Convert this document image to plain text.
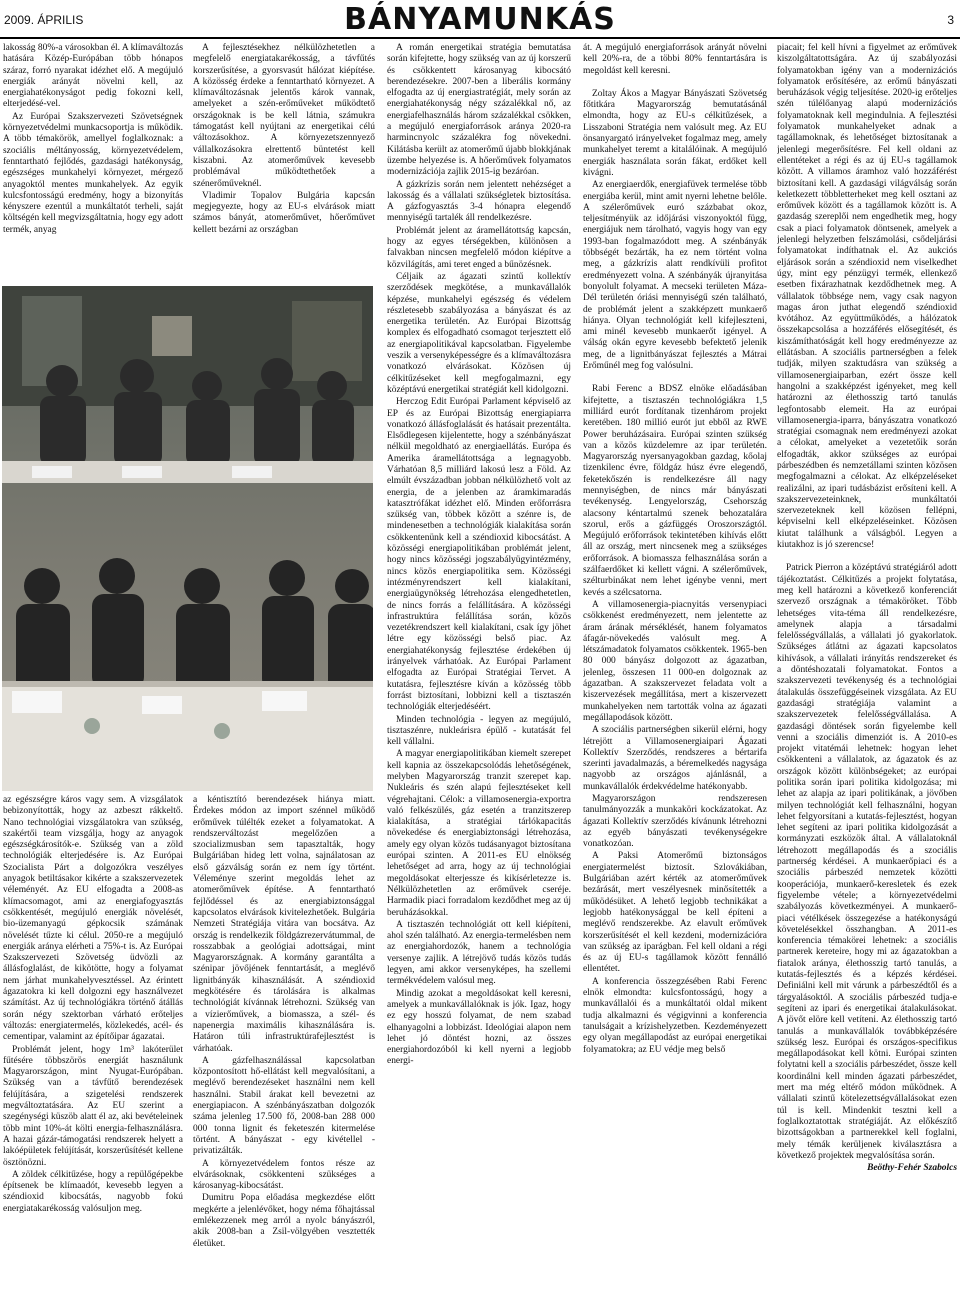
2009. ÁPRILIS	BÁNYAMUNKÁS	3

lakosság 80%-a városokban él. A klímaváltozás hatására Közép-Európában több hónapos száraz, forró nyarakat idézhet elő. A megújuló energiák arányát növelni kell, az energiahatékonyságot pedig fokozni kell, elterjedésé-vel.

Az Európai Szakszervezeti Szövetségnek környezetvédelmi munkacsoportja is működik. A több témakörök, amellyel foglalkoznak: a szociális méltányosság, környezetvédelem, fenntartható fejlődés, gazdasági hatékonyság, egészséges munkahelyi környezet, mérgező anyagoktól mentes munkahelyek. Az egyik kulcsfontosságú eredmény, hogy a bizonyítás kényszere ezentúl a munkáltatót terheli, saját költségén kell megvizsgáltatnia, hogy egy adott termék, anyag

A fejlesztésekhez nélkülözhetetlen a megfelelő energiatakarékosság, a távfűtés korszerűsítése, a gyorsvasút hálózat kiépítése. A közösség érdeke a fenntartható környezet. A klímaváltozásnak jelentős károk vannak, amelyeket a szén-erőműveket működtető országoknak is be kell látnia, számukra támogatást kell nyújtani az energetikai célú változásokhoz. A környezetszennyező vállalkozásokra elrettentő büntetést kell kiszabni. Az atomerőművek kevesebb problémával működtethetőek a szénerőműveknél.

Vladimir Topalov Bulgária kapcsán megjegyezte, hogy az EU-s elvárások miatt számos bányát, atomerőművet, hőerőművet kellett bezárni az országban

az egészségre káros vagy sem. A vizsgálatok bebizonyították, hogy az azbeszt rákkeltő. Nano technológiai vizsgálatokra van szükség, szakértői team vizsgálja, hogy az anyagok egészségkárosítók-e. Szükség van a zöld technológiák elterjedésére is. Az Európai Szocialista Párt a dolgozókra veszélyes anyagok betiltásakor kikérte a szakszervezetek véleményét. Az EU elfogadta a 2008-as klímacsomagot, ami az energiafogyasztás csökkentését, megújuló energiák növelését, bio-üzemanyagú gépkocsik számának növelését tűzte ki célul. 2050-re a megújuló energiák aránya elérheti a 75%-t is. Az Európai Szakszervezeti Szövetség üdvözli az állásfoglalást, de kikötötte, hogy a folyamat nem járhat munkahelyvesztéssel. Az érintett ágazatokra ki kell dolgozni egy használvezet számítást. Az új technológiákra történő átállás során négy szektorban várható erőteljes változás: energiatermelés, közlekedés, acél- és cementipar, valamint az építőipar ágazatai.

Problémát jelent, hogy 1m³ lakóterület fűtésére többszörös energiát használunk Magyarországon, mint Nyugat-Európában. Szükség van a távfűtő berendezések felújítására, a szigetelési rendszerek megváltoztatására. Az EU szerint a szegénységi küszöb alatt él az, aki bevételeinek több mint 10%-át költi energia-felhasználásra. A hazai gázár-támogatási rendszerek helyett a lakóépületek felújítását, korszerűsítését kellene ösztönözni.

A zöldek célkitűzése, hogy a repülőgépekbe építsenek be klímaadót, kevesebb legyen a széndioxid kibocsátás, nagyobb fokú energiatakarékosság valósuljon meg.

a kéntisztító berendezések hiánya miatt. Érdekes módon az import szénnel működő erőművek túlélték ezeket a folyamatokat. A rendszerváltozást megelőzően a szocializmusban sem tapasztalták, hogy Bulgáriában hideg lett volna, sajnálatosan az első gázválság során ez nem így történt. Véleménye szerint megoldás lehet az atomerőművek építése. A fenntartható fejlődéssel és az energiabiztonsággal kapcsolatos elvárások kivitelezhetőek. Bulgária Nemzeti Stratégiája vitára van bocsátva. Az ország is rendelkezik földgázrezervátummal, de rosszabbak a geológiai adottságai, mint Magyarországnak. A kormány garantálta a szénipar jövőjének fenntartását, a meglévő lignitbányák kihasználását. A széndioxid megkötésére és tárolására is alkalmas technológiát kívánnak létrehozni. Szükség van a vízierőművek, a biomassza, a szél- és napenergia maximális kihasználására is. Határon túli infrastruktúrafejlesztést is várhatóak.

A gázfelhasználással kapcsolatban központosított hő-ellátást kell megvalósítani, a meglévő berendezéseket használni nem kell használni. Stabil árakat kell bevezetni az energiapiacon. A szénbányászatban dolgozók száma jelenleg 17.500 fő, 2008-ban 288 000 000 tonna lignit és feketeszén kitermelése történt. A bányászat - egy kivétellel - privatizálták.

A környezetvédelem fontos része az elvárásoknak, csökkenteni szükséges a károsanyag-kibocsátást.

Dumitru Popa előadása megkezdése előtt megkérte a jelenlévőket, hogy néma főhajtással emlékezzenek meg arról a nyolc bányászról, akik 2008-ban a Zsil-völgyében vesztették életüket.

A román energetikai stratégia bemutatása során kifejtette, hogy szükség van az új korszerű és csökkentett károsanyag kibocsátó berendezésekre. 2007-ben a liberális kormány elfogadta az új energiastratégiát, mely során az energiahatékonyság négy százalékkal nő, az energiafelhasználás három százalékkal csökken, a megújuló energiaforrások aránya 2020-ra harmincnyolc százalékra fog növekedni. Kilátásba került az atomerőmű újabb blokkjának üzembe helyezése is. A hőerőművek folyamatos modernizációja zajlik 2015-ig bezáróan.

A gázkrízis során nem jelentett nehézséget a lakosság és a vállalati szükségletek biztosítása. A gázfogyasztás 3-4 hónapra elegendő mennyiségű tartalék áll rendelkezésre.

Problémát jelent az áramellátottság kapcsán, hogy az egyes térségekben, különösen a falvakban nincsen megfelelő módon kiépítve a közvilágítás, ami teret enged a bűnözésnek.

Céljaik az ágazati szintű kollektív szerződések megkötése, a munkavállalók képzése, munkahelyi egészség és védelem részletesebb szabályozása a bányászat és az energetika területén. Az Európai Bizottság komplex és elfogadható csomagot terjesztett elő az energiapolitikával kapcsolatban. Figyelembe veszik a versenyképességre és a klímaváltozásra vonatkozó elvárásokat. Közösen új célkitűzéseket kell megfogalmazni, egy középtávú energetikai stratégiát kell kidolgozni.

Herczog Edit Európai Parlament képviselő az EP és az Európai Bizottság energiapiarra vonatkozó állásfoglalását és hatásait prezentálta. Elsődlegesen kijelentette, hogy a szénbányászat nélkül megoldható az energiaellátás. Európa és Amerika áramellátottsága a legnagyobb. Várhatóan 8,5 milliárd lakosú lesz a Föld. Az elmúlt évszázadban jobban nélkülözhető volt az energia, de a jelenben az áramkimaradás katasztrófákat idézhet elő. Minden erőforrásra szükség van, többek között a szénre is, de mindenesetben a technológiák kialakítása során csökkentenünk kell a széndioxid kibocsátást. A közösségi energiapolitikában problémát jelent, hogy nincs közösségi jogszabályügyintézmény, nincs közös energiapolitika sem. Közösségi intézményrendszert kell kialakítani, energiaügynökség létrehozása elengedhetetlen, de nincs forrás a felállítására. A közösségi infrastruktúra felállítása során, közös vezetékrendszert kell kialakítani, csak így jöhet létre egy közösségi belső piac. Az energiahatékonyság fejlesztése érdekében új irányelvek várhatóak. Az Európai Parlament elfogadta az Európai Stratégiai Tervet. A kutatásra, fejlesztésre kíván a közösség több forrást biztosítani, lobbizni kell a tisztaszén technológiák elterjedéséért.

Minden technológia - legyen az megújuló, tisztaszénre, nukleárisra épülő - kutatását fel kell vállalni.

A magyar energiapolitikában kiemelt szerepet kell kapnia az összekapcsolódás lehetőségének, melyben Magyarország tranzit szerepet kap. Nukleáris és szén alapú fejlesztéseket kell végrehajtani. Célok: a villamosenergia-exportra való felkészülés, gáz esetén a tranzitszerep kialakítása, a stratégiai tárlókapacitás növekedése és energiabiztonsági létrehozása, amely egy olyan közös tudásanyagot biztosítana európai szinten. A 2011-es EU elnökség lehetőséget ad arra, hogy az új technológiai megoldásokat elterjessze és kikísérletezze is. Nélkülözhetetlen az erőművek cseréje. Harmadik piaci forradalom kezdődhet meg az új beruházásokkal.

A tisztaszén technológiát ott kell kiépíteni, ahol szén található. Az energia-termelésben nem az energiahordozók, hanem a technológia versenye zajlik. A létrejövő tudás közös tudás legyen, ami akkor versenyképes, ha szellemi termékvédelem valósul meg.

Mindig azokat a megoldásokat kell keresni, amelyek a munkavállalóknak is jók. Igaz, hogy ez egy hosszú folyamat, de nem szabad elhanyagolni a lobbizást. Ideológiai alapon nem lehet jó döntést hozni, az összes energiahordozóból ki kell nyerni a legjobb energi-

át. A megújuló energiaforrások arányát növelni kell 20%-ra, de a többi 80% fenntartására is megoldást kell keresni.

Zoltay Ákos a Magyar Bányászati Szövetség főtitkára Magyarország bemutatásánál elmondta, hogy az EU-s célkitűzések, a Lisszaboni Stratégia nem valósult meg. Az EU önsanyargató irányelveket fogalmaz meg, amely munkahelyet teremt a kitalálóinak. A megújuló energiák használata során fákat, erdőket kell kivágni.

Az energiaerdők, energiafüvek termelése több energiába kerül, mint amit nyerni lehetne belőle. A szélerőművek euró százbabat okoz, teljesítményük az időjárási viszonyoktól függ, energiájuk nem tárolható, vagyis hogy van egy 1993-ban fogalmazódott meg. A szénbányák többségét bezárták, ha ez nem történt volna meg, a gázkrízis alatt rendkívüli profitot eredményezett volna. A szénbányák újranyitása bonyolult folyamat. A mecseki területen Máza-Dél területén óriási mennyiségű szén található, de problémát jelent a szakképzett munkaerő hiánya. Olyan technológiát kell kifejleszteni, ami minél kevesebb munkaerőt igényel. A válság okán egyre kevesebb befektető jelenik meg, de a lignitbányászat fejlesztés a Mátrai Erőműnél meg fog valósulni.

Rabi Ferenc a BDSZ elnöke előadásában kifejtette, a tisztaszén technológiákra 1,5 milliárd eurót fordítanak tizenhárom projekt keretében. 180 millió eurót jut ebből az RWE Power beruházásaira. Európai szinten szükség van a közös küzdelemre az ipar területén. Magyarország nyersanyagokban gazdag, kőolaj tizenkilenc évre, földgáz húsz évre elegendő, feketekőszén is rendelkezésre áll nagy mennyiségben, de nincs már bányászati tevékenység. Lengyelország, Csehország alacsony kéntartalmú szenek behozatalára szorul, erős a gázfüggés Oroszországtól. Megújuló erőforrások tekintetében kihívás előtt áll az ország, mert nincsenek meg a szükséges erőforrások. A biomassza felhasználása során a szálfaerdőket ki kellett vágni. A szélerőművek, szélturbinákat nem lehet igénybe venni, mert kevés a szélcsatorna.

A villamosenergia-piacnyitás versenypiaci csökkenést eredményezett, nem jelentette az áram árának mérséklését, hanem folyamatos áfagár-növekedés valósult meg. A létszámadatok folyamatos csökkentek. 1965-ben 80 000 bányász dolgozott az ágazatban, jelenleg, összesen 11 000-en dolgoznak az ágazatban. A szakszervezet feladata volt a kiszervezések megállítása, mert a kiszervezett munkahelyeken nem tartották volna az ágazati megállapodások között.

A szociális partnerségben sikerül elérni, hogy létrejött a Villamosenergiaipari Ágazati Kollektív Szerződés, rendszeres a bértarifa szerinti javadalmazás, a béremelkedés nagysága nagyobb az országos ajánlásnál, a munkavállalók érdekvédelme hatékonyabb.

Magyarországon rendszeresen tanulmányozzák a munkaköri kockázatokat. Az ágazati Kollektív szerződés kívánunk létrehozni az egyéb bányászati tevékenységekre vonatkozóan.

A Paksi Atomerőmű biztonságos energiatermelést biztosít. Szlovákiában, Bulgáriában azért kérték az atomerőművek bezárását, mert veszélyesnek minősítették a működésüket. A lehető legjobb technikákat a legjobb hatékonysággal be kell építeni a meglévő rendszerekbe. Az elavult erőművek korszerűsítését el kell kezdeni, modernizációra van szükség az iparágban. Fel kell oldani a régi és az új EU-s tagállamok között fennálló ellentétet.

A konferencia összegzésében Rabi Ferenc elnök elmondta: kulcsfontosságú, hogy a munkavállalói és a munkáltatói oldal mikent tudja alkalmazni és végigvinni a konferencia tanulságait a krízishelyzetben. Kezdeményezett egy olyan megállapodást az európai energetikai folyamatokra; az EU védje meg belső

piacait; fel kell hívni a figyelmet az erőművek kiszolgáltatottságára. Az új szabályozási folyamatokban igény van a modernizációs folyamatok erősítésére, az erőmű bányászati beruházások végig teljesítése. 2020-ig erőteljes szén túlélőanyag alapú modernizációs folyamatoknak kell megindulnia. A fejlesztési folyamatok munkahelyeket adnak a tagállamoknak, és lehetőséget biztosítanak a jelenlegi megerősítésre. Fel kell oldani az ellentéteket a régi és az új EU-s tagállamok között. A villamos áramhoz való hozzáférést biztosítani kell. A gazdasági világválság során keletkezett többletterheket meg kell osztani az erőművek között és a tagállamok között is. A gazdaság szereplői nem engedhetik meg, hogy csak a piaci folyamatok döntsenek, amelyek a jelenlegi helyzetben felszámolási, csődeljárási folyamatokat indíthatnak el. Az aukciós eljárások során a széndioxid nem viselkedhet úgy, mint egy pénzügyi termék, ellenkező esetben fixárazhatnak kezdődhetnek meg. A vállalatok többsége nem, vagy csak nagyon magas áron juthat elegendő széndioxid kvótához. Az együttműködés, a hálózatok összekapcsolása a hozzáférés elősegítését, és kiszámíthatóságát kell hogy eredményezze az ellátásban. A szociális partnerségben a felek tudják, milyen szaktudásra van szükség a villamosenergiaiparban, ezért össze kell hangolni a szakképzést igényeket, meg kell határozni az élethosszig tartó tanulás legfontosabb elemeit. Ha az európai villamosenergia-iparra, bányászatra vonatkozó stratégiai csomagnak nem eredményezi azokat a célokat, amelyeket a vezetetőik során elfogadták, akkor szükséges az európai párbeszédben és nemzetállami szinten közösen megfogalmazni a célokat. Az elképzeléseket realizálni, az ipari tudásbázist erősíteni kell. A szakszervezeteinknek, munkáltatói szervezeteknek kell közösen fellépni, képviselni kell elképzeléseinket. Közösen kiutat találhunk a válságból. Legyen a kiutakhoz is jó szerencse!

Patrick Pierron a középtávú stratégiáról adott tájékoztatást. Célkitűzés a projekt folytatása, meg kell határozni a következő konferenciát szervező országnak a témaköröket. Több lehetséges vita-téma áll rendelkezésre, amelynek alapja a társadalmi felelősségvállalás, a vállalati jó gyakorlatok. Szükséges átlátni az ágazati kapcsolatos kihívások, a vállalati irányítás rendszereket és a döntéshozatali folyamatokat. Fontos a szakszervezeti tevékenység és a technológiai átalakulás összefüggéseinek vizsgálata. Az EU gazdasági stratégiája valamint a szakszervezetek felelősségvállalása. A gazdasági döntések során figyelembe kell venni a szociális dimenziót is. A 2010-es projekt vitatémái lehetnek: hogyan lehet csökkenteni a vállalatok, az ágazatok és az országok között különbségeket; az európai politika során ipari politika kidolgozása; mi lehet az alapja az ipari politikának, a jövőben milyen technológiát kell felhasználni, hogyan lehet felgyorsítani a kutatás-fejlesztést, hogyan lehet segíteni az ipari politika kidolgozását a kormányzati eszközök által. A vállalatoknál létrehozott megállapodás és a szociális partnerség kérdései. A munkaerőpiaci és a szociális párbeszéd nemzetek közötti kooperációja, munkaerő-keresletek és ezek figyelembe vétele; a környezetvédelmi szabályozás következményei. A munkaerő-piaci vétélkések összegezése a hatékonyságú követelésekkel összhangban. A 2011-es konferencia témakörei lehetnek: a szociális partnerek kereteire, hogy mi az ágazatokban a fiatalok aránya, élethosszig tartó tanulás, a kutatás-fejlesztés és a képzés kérdései. Definiálni kell mit várunk a párbeszédtől és a tárgyalásoktól. A szociális párbeszéd tudja-e segíteni az ipari és energetikai átalakulásokat. A jövőt elöre kell vetíteni. Az élethosszig tartó tanulás a munkavállalók továbbképzésére szükség lesz. Európai és országos-specifikus megállapodásokat kell kötni. Európai szinten folytatni kell a szociális párbeszédet, össze kell koordinálni kell minden ágazati párbeszédet, mert ma még eltérő módon működnek. A vállalati szintű kötelezettségvállalásokat ezen túl is kell. Mindenkit tesztni kell a foglalkoztatottak stratégiáját. Az előkészítő bizottságokban a partnerekkel kell foglalni, mely témák kerüljenek kiválasztásra a következő projektek megvalósítása során.

Beöthy-Fehér Szabolcs
